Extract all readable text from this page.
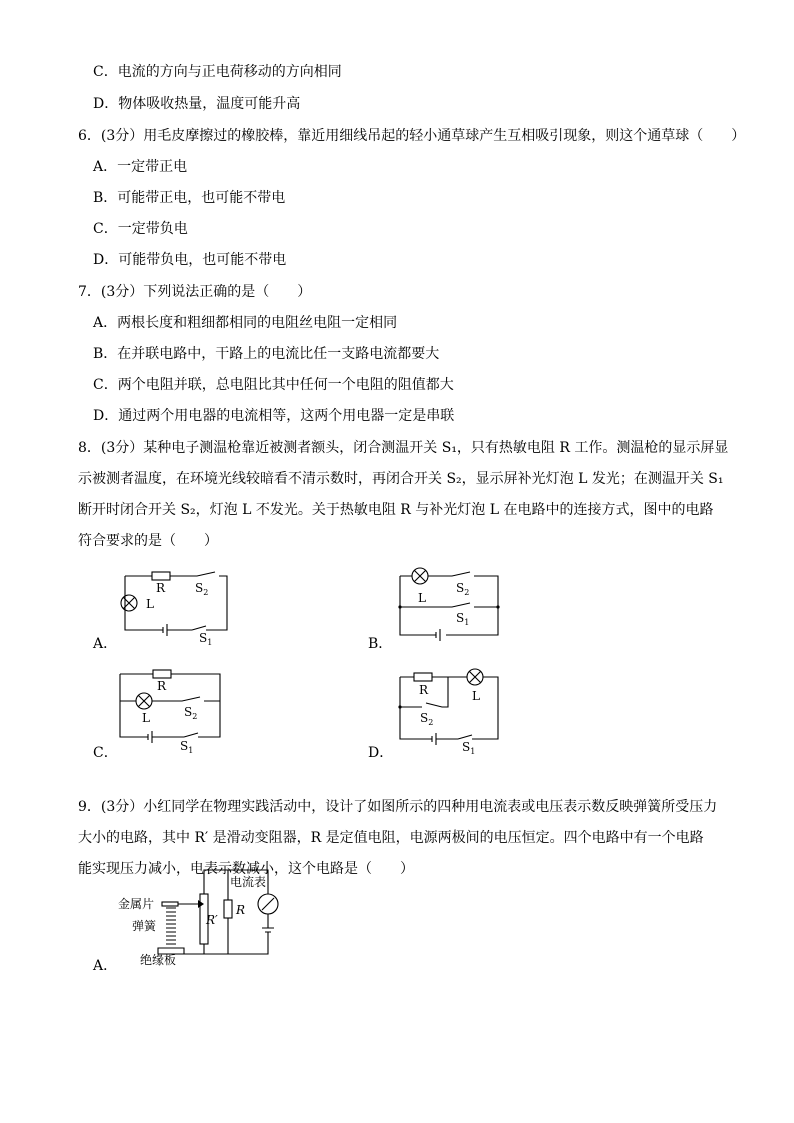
C．电流的方向与正电荷移动的方向相同
D．物体吸收热量，温度可能升高
6．(3分）用毛皮摩擦过的橡胶棒，靠近用细线吊起的轻小通草球产生互相吸引现象，则这个通草球（　　）
A．一定带正电
B．可能带正电，也可能不带电
C．一定带负电
D．可能带负电，也可能不带电
7．(3分）下列说法正确的是（　　）
A．两根长度和粗细都相同的电阻丝电阻一定相同
B．在并联电路中，干路上的电流比任一支路电流都要大
C．两个电阻并联，总电阻比其中任何一个电阻的阻值都大
D．通过两个用电器的电流相等，这两个用电器一定是串联
8．(3分）某种电子测温枪靠近被测者额头，闭合测温开关 S₁，只有热敏电阻 R 工作。测温枪的显示屏显
示被测者温度，在环境光线较暗看不清示数时，再闭合开关 S₂，显示屏补光灯泡 L 发光；在测温开关 S₁
断开时闭合开关 S₂，灯泡 L 不发光。关于热敏电阻 R 与补光灯泡 L 在电路中的连接方式，图中的电路
符合要求的是（　　）
R
L
$S_2$
$S_1$
A．
L
$S_2$
$S_1$
B．
R
L	$S_2$
$S_1$
C．
R	L
$S_2$
$S_1$
D．
9．(3分）小红同学在物理实践活动中，设计了如图所示的四种用电流表或电压表示数反映弹簧所受压力
大小的电路，其中 R′ 是滑动变阻器，R 是定值电阻，电源两极间的电压恒定。四个电路中有一个电路
能实现压力减小，电表示数减小，这个电路是（　　）
金属片
弹簧
绝缘板
电流表
R′
R
A．
